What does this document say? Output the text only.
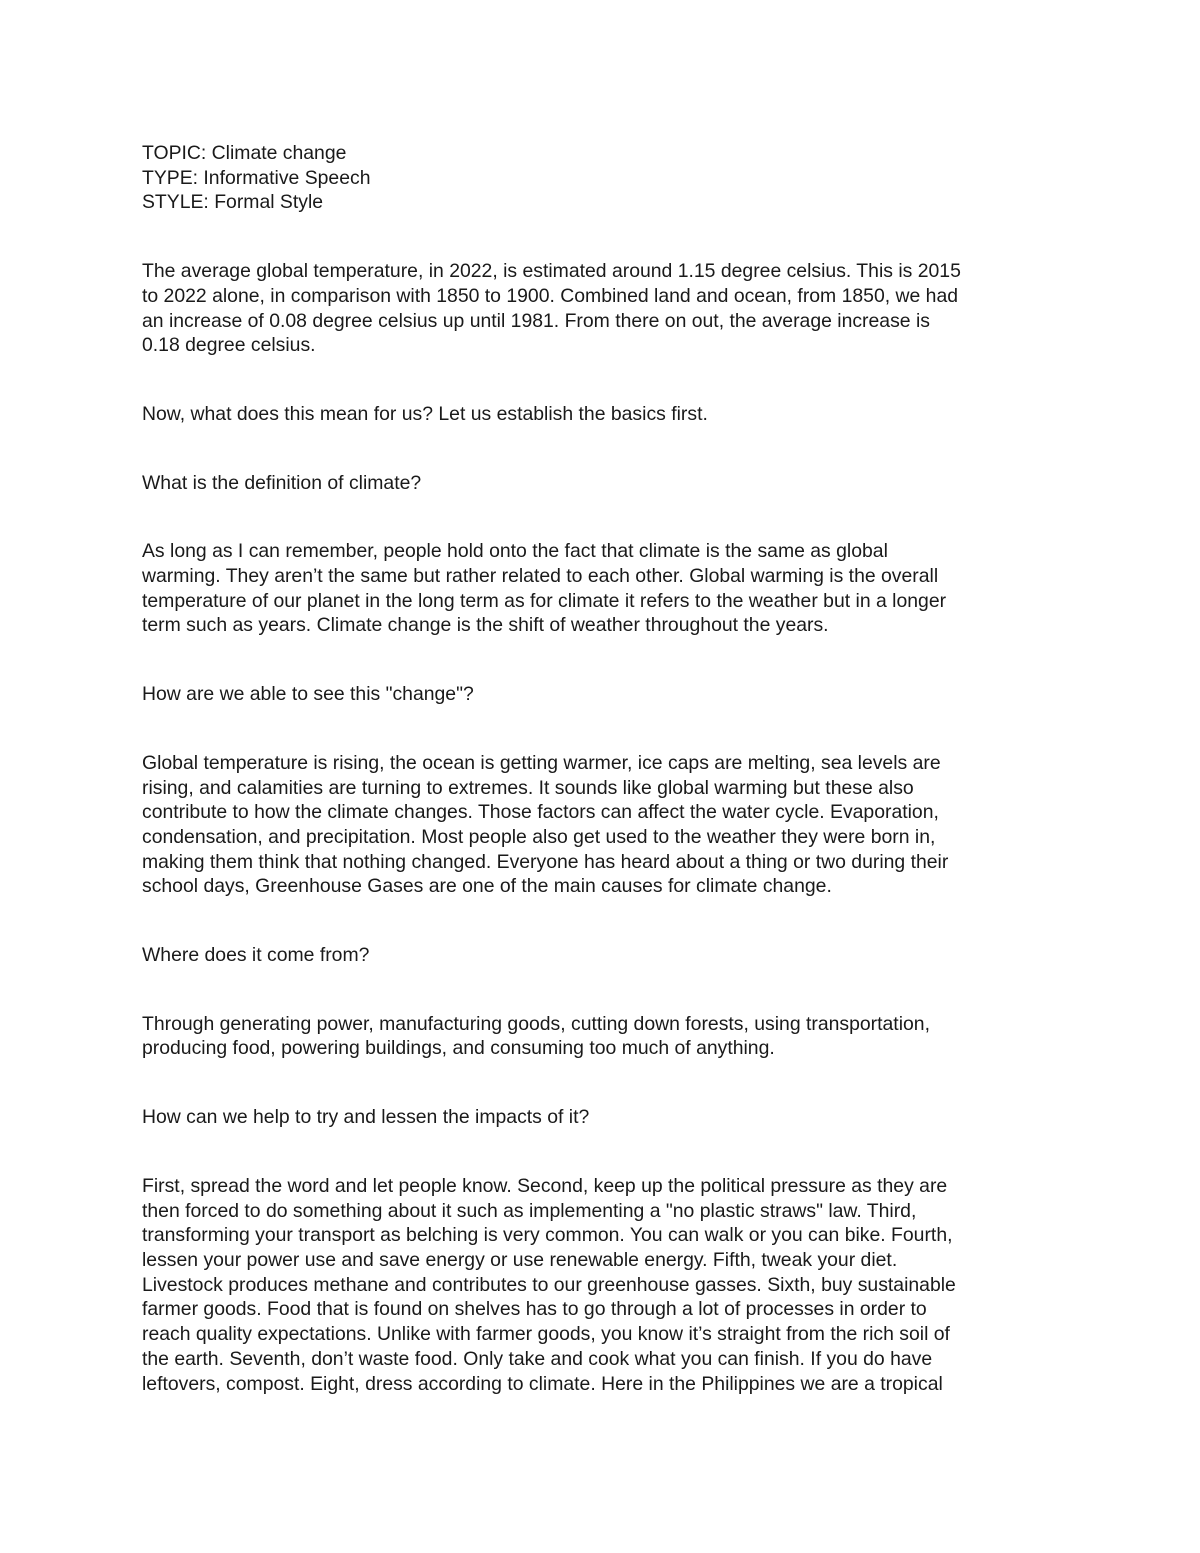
TOPIC: Climate change
TYPE: Informative Speech
STYLE: Formal Style
The average global temperature, in 2022, is estimated around 1.15 degree celsius. This is 2015
to 2022 alone, in comparison with 1850 to 1900. Combined land and ocean, from 1850, we had
an increase of 0.08 degree celsius up until 1981. From there on out, the average increase is
0.18 degree celsius.
Now, what does this mean for us? Let us establish the basics first.
What is the definition of climate?
As long as I can remember, people hold onto the fact that climate is the same as global
warming. They aren’t the same but rather related to each other. Global warming is the overall
temperature of our planet in the long term as for climate it refers to the weather but in a longer
term such as years. Climate change is the shift of weather throughout the years.
How are we able to see this "change"?
Global temperature is rising, the ocean is getting warmer, ice caps are melting, sea levels are
rising, and calamities are turning to extremes. It sounds like global warming but these also
contribute to how the climate changes. Those factors can affect the water cycle. Evaporation,
condensation, and precipitation. Most people also get used to the weather they were born in,
making them think that nothing changed. Everyone has heard about a thing or two during their
school days, Greenhouse Gases are one of the main causes for climate change.
Where does it come from?
Through generating power, manufacturing goods, cutting down forests, using transportation,
producing food, powering buildings, and consuming too much of anything.
How can we help to try and lessen the impacts of it?
First, spread the word and let people know. Second, keep up the political pressure as they are
then forced to do something about it such as implementing a "no plastic straws" law. Third,
transforming your transport as belching is very common. You can walk or you can bike. Fourth,
lessen your power use and save energy or use renewable energy. Fifth, tweak your diet.
Livestock produces methane and contributes to our greenhouse gasses. Sixth, buy sustainable
farmer goods. Food that is found on shelves has to go through a lot of processes in order to
reach quality expectations. Unlike with farmer goods, you know it’s straight from the rich soil of
the earth. Seventh, don’t waste food. Only take and cook what you can finish. If you do have
leftovers, compost. Eight, dress according to climate. Here in the Philippines we are a tropical
